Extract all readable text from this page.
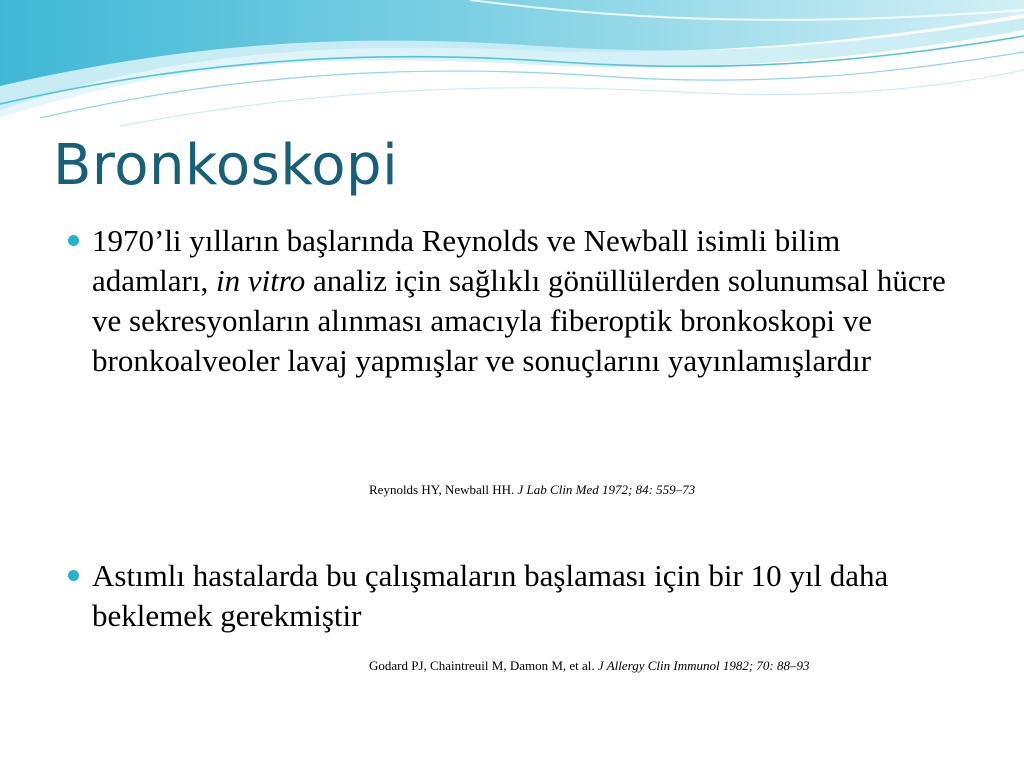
Bronkoskopi
1970’li yılların başlarında Reynolds ve Newball isimli bilim adamları, in vitro analiz için sağlıklı gönüllülerden solunumsal hücre ve sekresyonların alınması amacıyla fiberoptik bronkoskopi ve bronkoalveoler lavaj yapmışlar ve sonuçlarını yayınlamışlardır
Reynolds HY, Newball HH. J Lab Clin Med 1972; 84: 559–73
Astımlı hastalarda bu çalışmaların başlaması için bir 10 yıl daha beklemek gerekmiştir
Godard PJ, Chaintreuil M, Damon M, et al. J Allergy Clin Immunol 1982; 70: 88–93
